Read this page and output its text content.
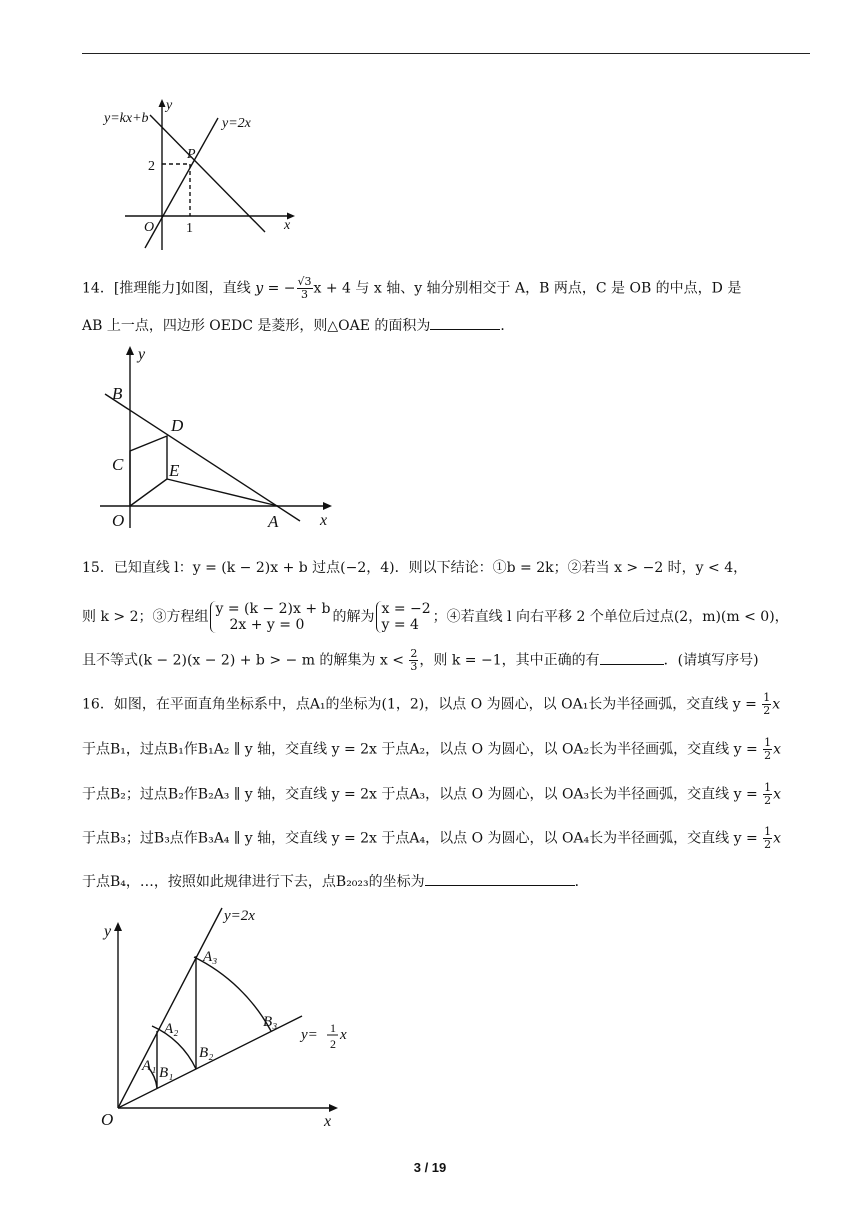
y=kx+b
y
y=2x
P
2
O 1	x
14．[推理能力]如图，直线 y = − $\frac{√3}{3}$ x + 4 与 x 轴、y 轴分别相交于 A，B 两点，C 是 OB 的中点，D 是
AB 上一点，四边形 OEDC 是菱形，则△OAE 的面积为	．
y
B
D
C	E
O	A	x
15．已知直线 l：y = (k − 2)x + b 过点(−2，4)．则以下结论：①b = 2k；②若当 x > −2 时，y < 4，
则 k > 2；③方程组 y = (k − 2)x + b
2x + y = 0	的解为 x = −2
y = 4 ；④若直线 l 向右平移 2 个单位后过点(2，m)(m < 0)，
且不等式(k − 2)(x − 2) + b > − m 的解集为 $x < \frac{2}{3}$ ，则 k = −1，其中正确的有	．(请填写序号)
16．如图，在平面直角坐标系中，点A₁的坐标为(1，2)，以点 O 为圆心，以 OA₁长为半径画弧，交直线 $y = \frac{1}{2}$ x
于点B₁，过点B₁作B₁A₂ ∥ y 轴，交直线 y = 2x 于点A₂，以点 O 为圆心，以 OA₂长为半径画弧，交直线 $y = \frac{1}{2}$ x
于点B₂；过点B₂作B₂A₃ ∥ y 轴，交直线 y = 2x 于点A₃，以点 O 为圆心，以 OA₃长为半径画弧，交直线 $y = \frac{1}{2}$ x
于点B₃；过B₃点作B₃A₄ ∥ y 轴，交直线 y = 2x 于点A₄，以点 O 为圆心，以 OA₄长为半径画弧，交直线 $y = \frac{1}{2}$ x
于点B₄，…，按照如此规律进行下去，点B₂₀₂₃的坐标为	．
y=2x
y
A₃
B₃
y= 1
2
x
A₂
B₂
A₁ B₁
O	x
3 / 19
